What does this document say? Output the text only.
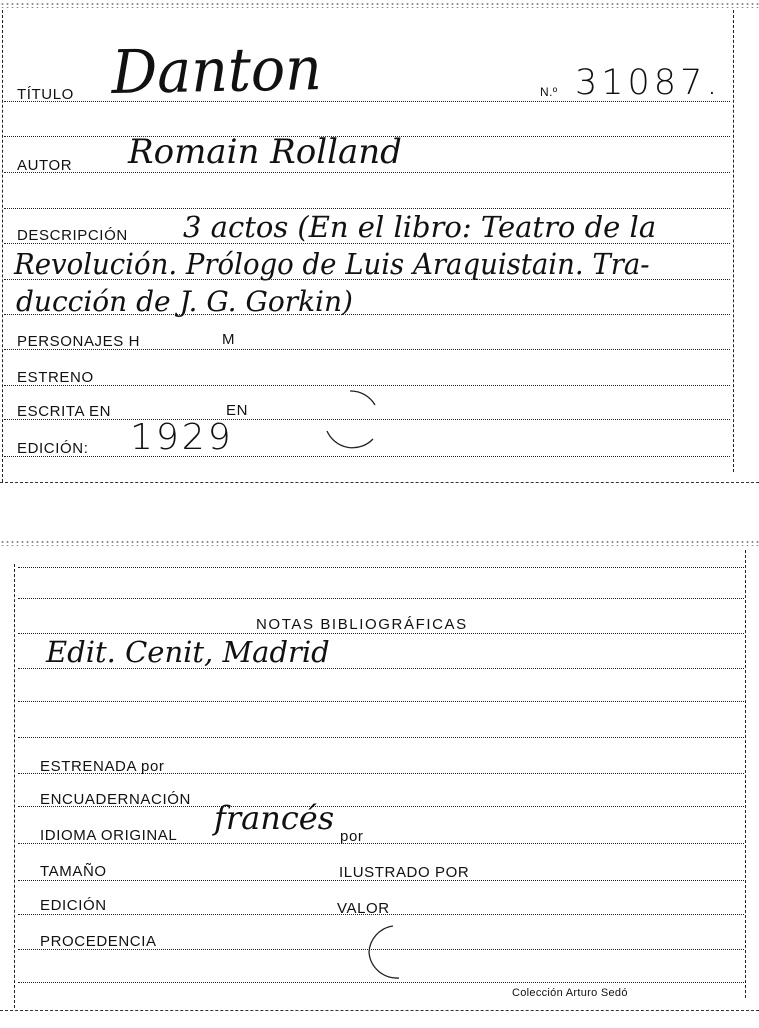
TÍTULO Danton	N.º 31087.
AUTOR Romain Rolland
DESCRIPCIÓN 3 actos (En el libro: Teatro de la
Revolución. Prólogo de Luis Araquistain. Tra-
ducción de J. G. Gorkin)
PERSONAJES H	M
ESTRENO
ESCRITA EN	EN
EDICIÓN: 1929
NOTAS BIBLIOGRÁFICAS
Edit. Cenit, Madrid
ESTRENADA por
ENCUADERNACIÓN
IDIOMA ORIGINAL francés por
TAMAÑO	ILUSTRADO POR
EDICIÓN	VALOR
PROCEDENCIA
Colección Arturo Sedó
